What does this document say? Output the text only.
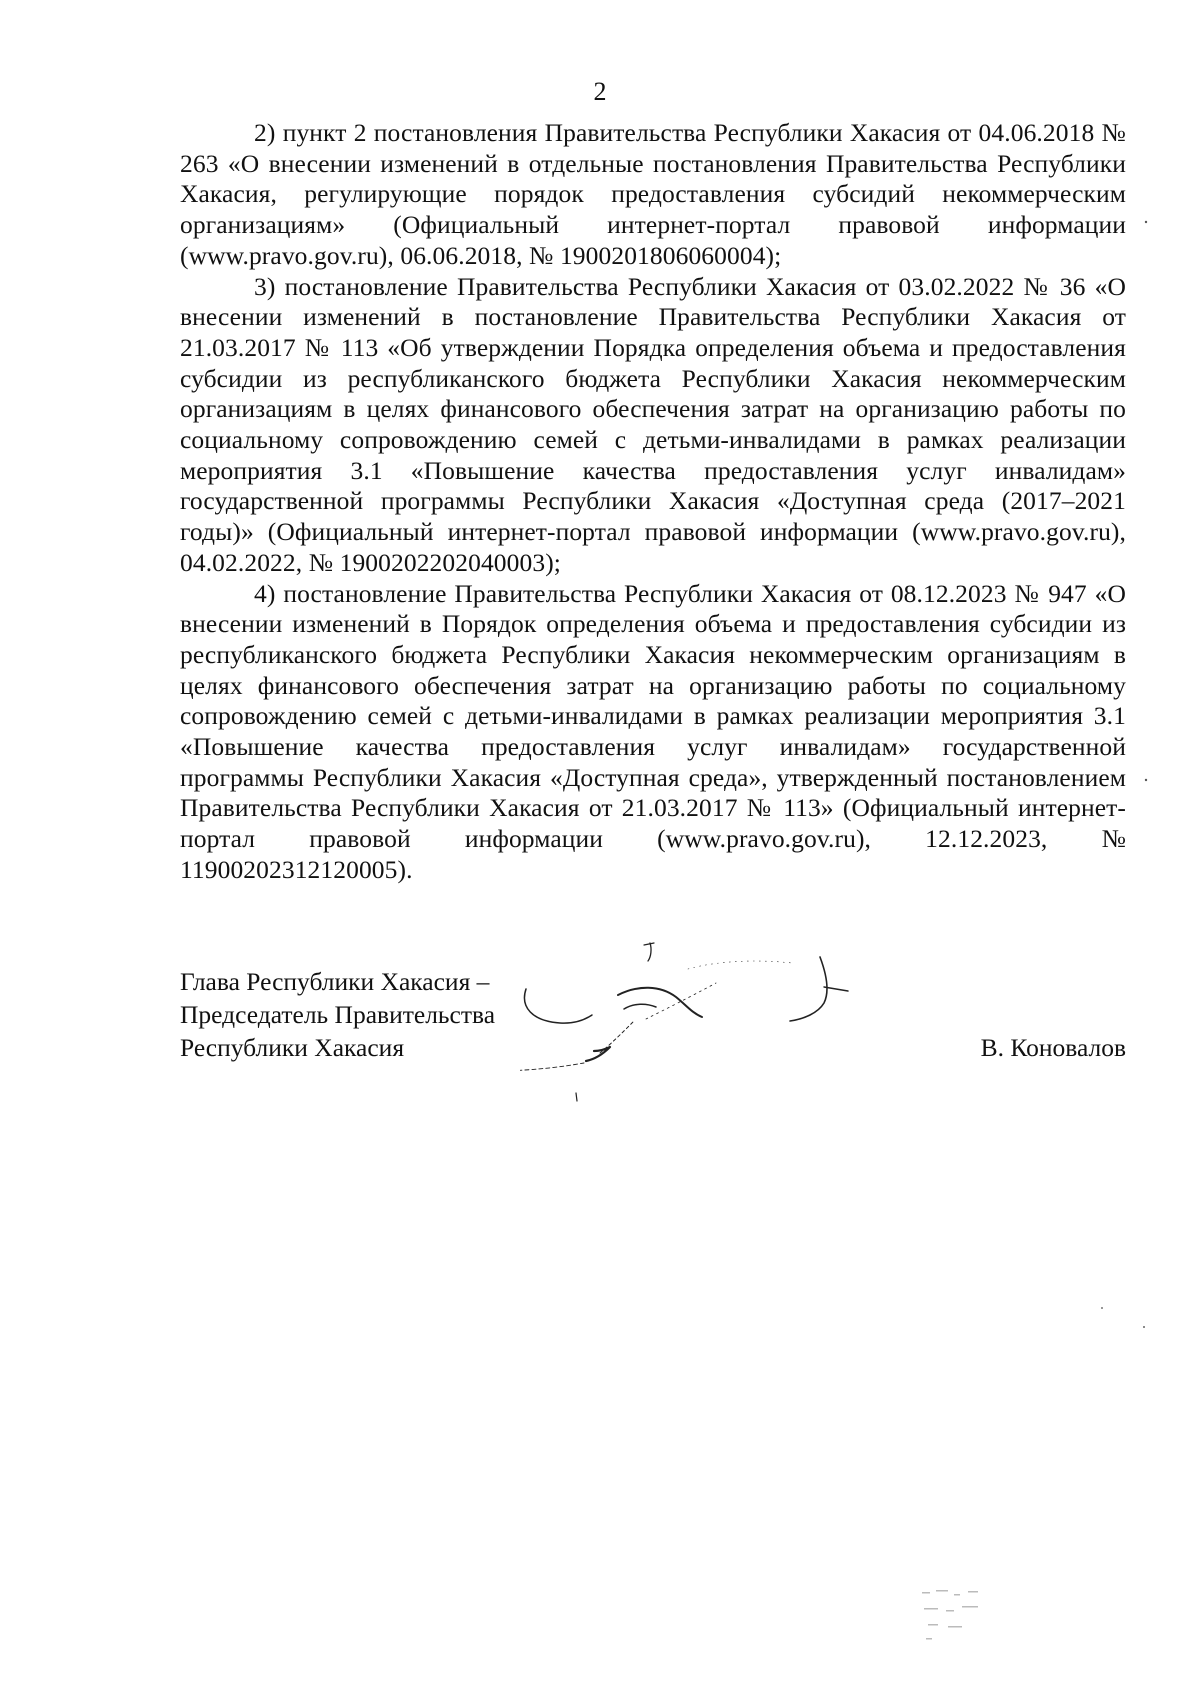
2

2) пункт 2 постановления Правительства Республики Хакасия от 04.06.2018 № 263 «О внесении изменений в отдельные постановления Правительства Республики Хакасия, регулирующие порядок предоставления субсидий некоммерческим организациям» (Официальный интернет-портал правовой информации (www.pravo.gov.ru), 06.06.2018, № 1900201806060004);

3) постановление Правительства Республики Хакасия от 03.02.2022 № 36 «О внесении изменений в постановление Правительства Республики Хакасия от 21.03.2017 № 113 «Об утверждении Порядка определения объема и предоставления субсидии из республиканского бюджета Республики Хакасия некоммерческим организациям в целях финансового обеспечения затрат на организацию работы по социальному сопровождению семей с детьми-инвалидами в рамках реализации мероприятия 3.1 «Повышение качества предоставления услуг инвалидам» государственной программы Республики Хакасия «Доступная среда (2017–2021 годы)» (Официальный интернет-портал правовой информации (www.pravo.gov.ru), 04.02.2022, № 1900202202040003);

4) постановление Правительства Республики Хакасия от 08.12.2023 № 947 «О внесении изменений в Порядок определения объема и предоставления субсидии из республиканского бюджета Республики Хакасия некоммерческим организациям в целях финансового обеспечения затрат на организацию работы по социальному сопровождению семей с детьми-инвалидами в рамках реализации мероприятия 3.1 «Повышение качества предоставления услуг инвалидам» государственной программы Республики Хакасия «Доступная среда», утвержденный постановлением Правительства Республики Хакасия от 21.03.2017 № 113» (Официальный интернет-портал правовой информации (www.pravo.gov.ru), 12.12.2023, № 11900202312120005).

Глава Республики Хакасия –
Председатель Правительства
Республики Хакасия	В. Коновалов
